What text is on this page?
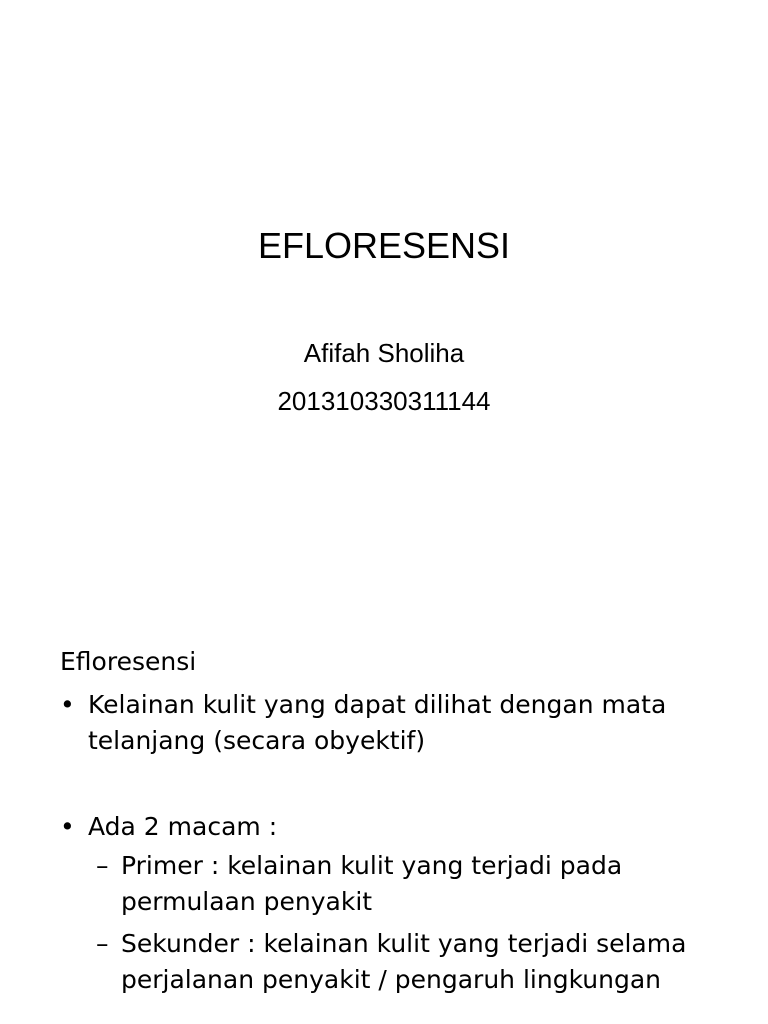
EFLORESENSI
Afifah Sholiha
201310330311144
Efloresensi
• Kelainan kulit yang dapat dilihat dengan mata telanjang (secara obyektif)
• Ada 2 macam :
– Primer : kelainan kulit yang terjadi pada permulaan penyakit
– Sekunder : kelainan kulit yang terjadi selama perjalanan penyakit / pengaruh lingkungan
